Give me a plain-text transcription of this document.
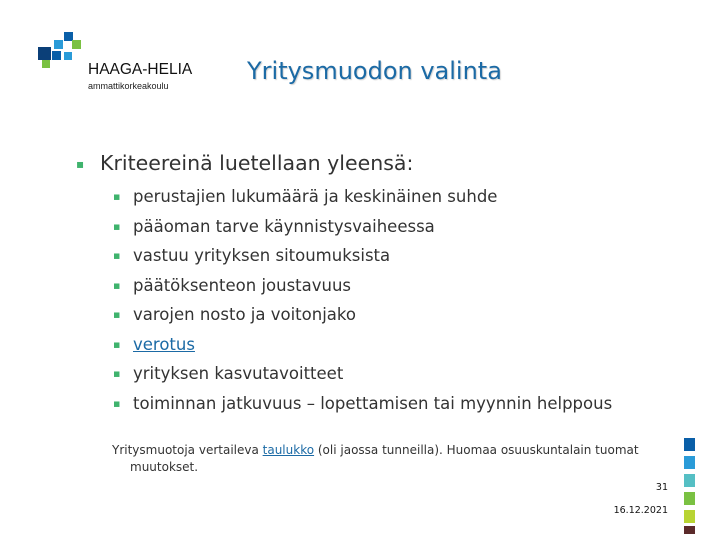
HAAGA-HELIA
ammattikorkeakoulu
Yritysmuodon valinta
▪ Kriteereinä luetellaan yleensä:
▪ perustajien lukumäärä ja keskinäinen suhde
▪ pääoman tarve käynnistysvaiheessa
▪ vastuu yrityksen sitoumuksista
▪ päätöksenteon joustavuus
▪ varojen nosto ja voitonjako
▪ verotus
▪ yrityksen kasvutavoitteet
▪ toiminnan jatkuvuus – lopettamisen tai myynnin helppous
Yritysmuotoja vertaileva taulukko (oli jaossa tunneilla). Huomaa osuuskuntalain tuomat
muutokset.
31
16.12.2021
